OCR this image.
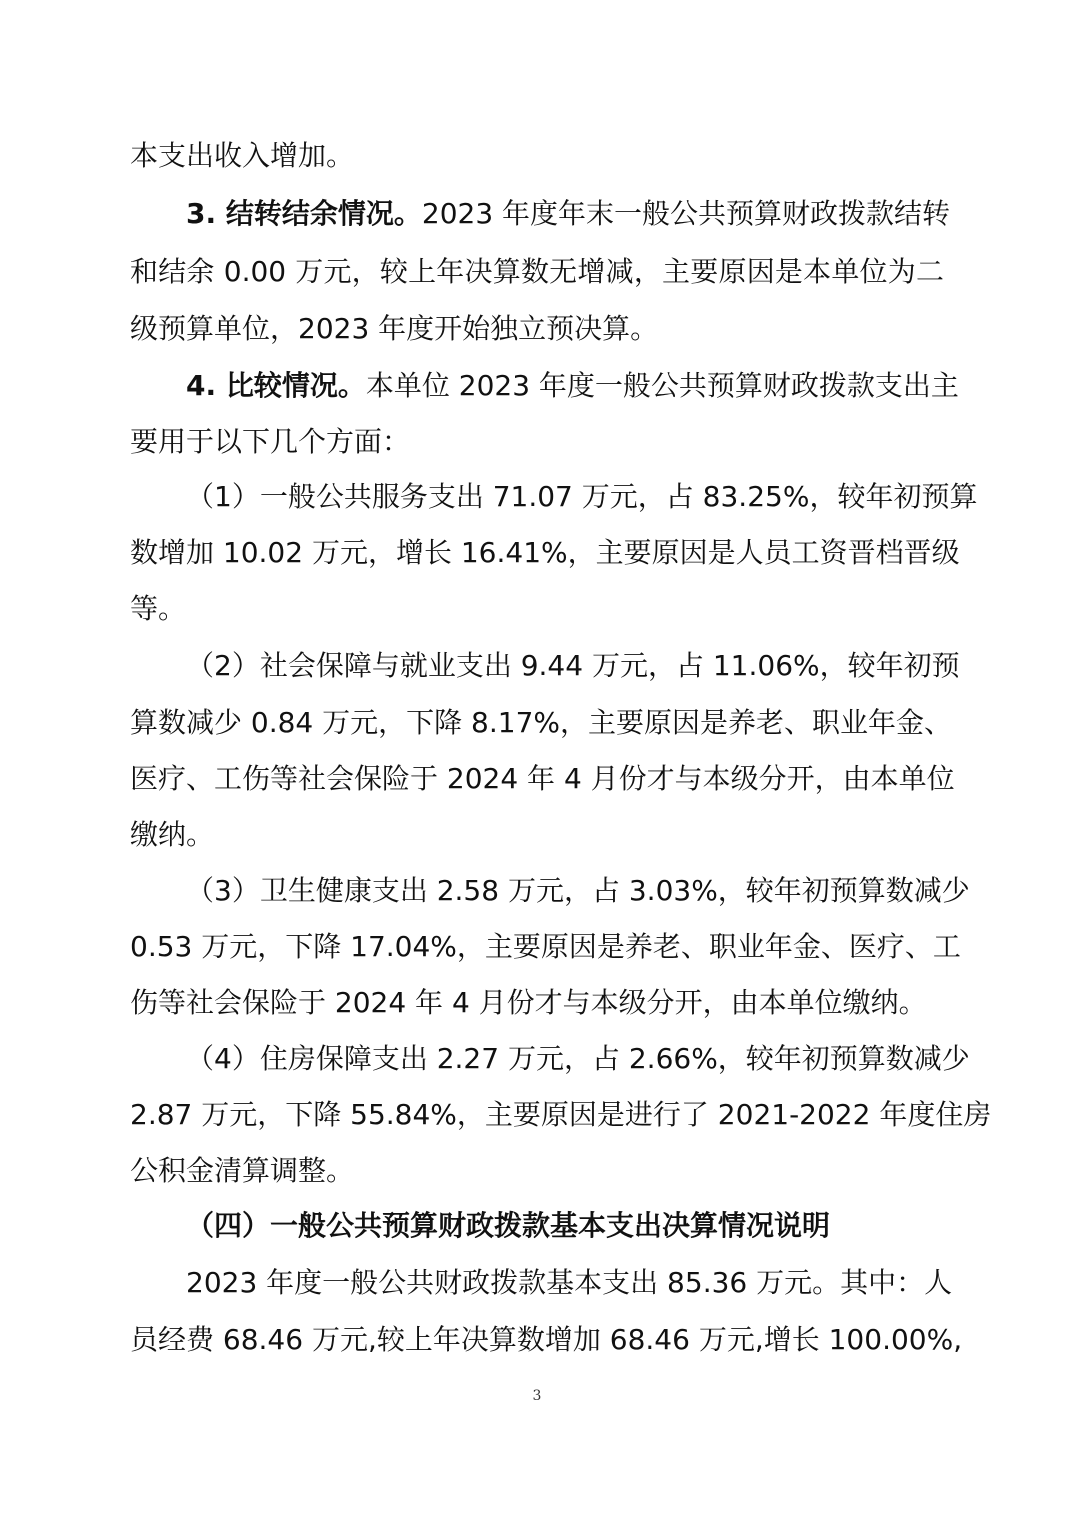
本支出收入增加。
3. 结转结余情况。2023 年度年末一般公共预算财政拨款结转
和结余 0.00 万元，较上年决算数无增减，主要原因是本单位为二
级预算单位，2023 年度开始独立预决算。
4. 比较情况。本单位 2023 年度一般公共预算财政拨款支出主
要用于以下几个方面：
（1）一般公共服务支出 71.07 万元，占 83.25%，较年初预算
数增加 10.02 万元，增长 16.41%，主要原因是人员工资晋档晋级
等。
（2）社会保障与就业支出 9.44 万元，占 11.06%，较年初预
算数减少 0.84 万元，下降 8.17%，主要原因是养老、职业年金、
医疗、工伤等社会保险于 2024 年 4 月份才与本级分开，由本单位
缴纳。
（3）卫生健康支出 2.58 万元，占 3.03%，较年初预算数减少
0.53 万元，下降 17.04%，主要原因是养老、职业年金、医疗、工
伤等社会保险于 2024 年 4 月份才与本级分开，由本单位缴纳。
（4）住房保障支出 2.27 万元，占 2.66%，较年初预算数减少
2.87 万元，下降 55.84%，主要原因是进行了 2021-2022 年度住房
公积金清算调整。
（四）一般公共预算财政拨款基本支出决算情况说明
2023 年度一般公共财政拨款基本支出 85.36 万元。其中：人
员经费 68.46 万元,较上年决算数增加 68.46 万元,增长 100.00%,
3
